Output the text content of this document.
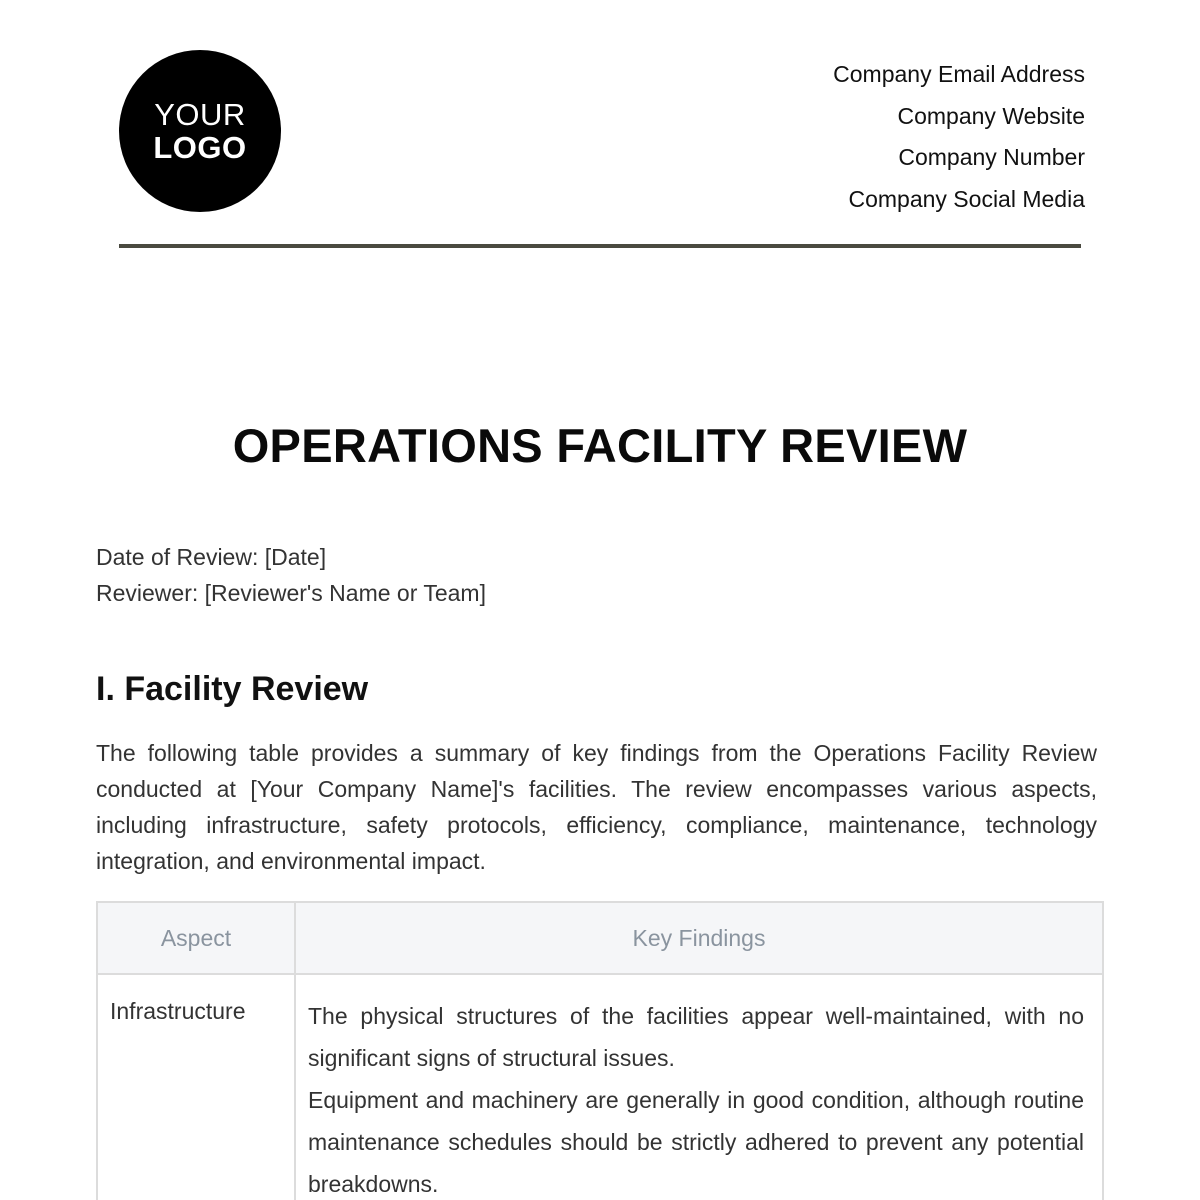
YOUR
LOGO
Company Email Address
Company Website
Company Number
Company Social Media
OPERATIONS FACILITY REVIEW
Date of Review: [Date]
Reviewer: [Reviewer's Name or Team]
I. Facility Review

The following table provides a summary of key findings from the Operations Facility Review conducted at [Your Company Name]'s facilities. The review encompasses various aspects, including infrastructure, safety protocols, efficiency, compliance, maintenance, technology integration, and environmental impact.

Aspect	Key Findings
Infrastructure	The physical structures of the facilities appear well-maintained, with no significant signs of structural issues.

Equipment and machinery are generally in good condition, although routine maintenance schedules should be strictly adhered to prevent any potential breakdowns.
